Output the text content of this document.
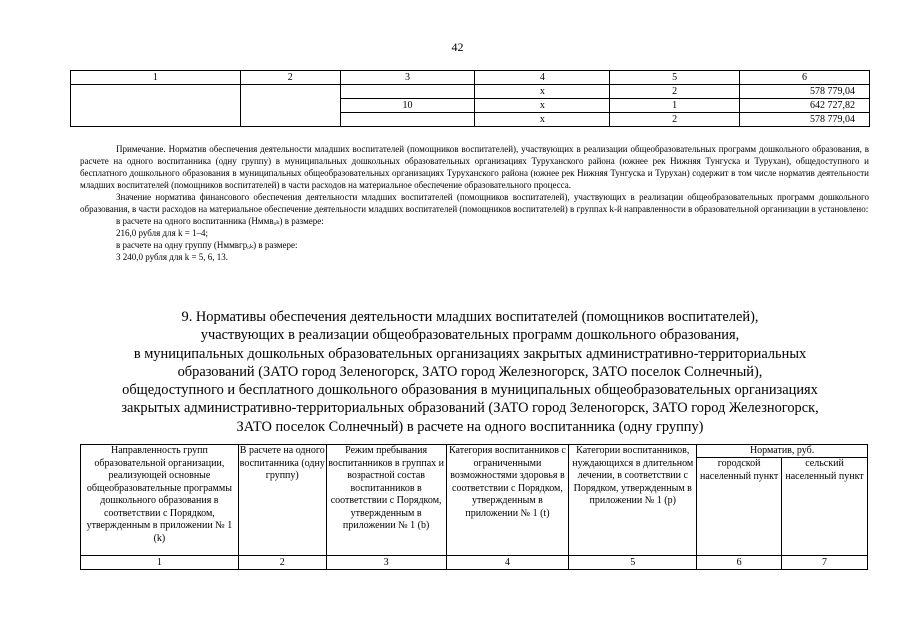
42
1	2	3	4	5	6
			x	2	578 779,04
		10	x	1	642 727,82
			x	2	578 779,04

Примечание. Норматив обеспечения деятельности младших воспитателей (помощников воспитателей), участвующих в реализации общеобразовательных программ дошкольного образования, в расчете на одного воспитанника (одну группу) в муниципальных дошкольных образовательных организациях Туруханского района (южнее рек Нижняя Тунгуска и Турухан), общедоступного и бесплатного дошкольного образования в муниципальных общеобразовательных организациях Туруханского района (южнее рек Нижняя Тунгуска и Турухан) содержит в том числе норматив деятельности младших воспитателей (помощников воспитателей) в части расходов на материальное обеспечение образовательного процесса.

Значение норматива финансового обеспечения деятельности младших воспитателей (помощников воспитателей), участвующих в реализации общеобразовательных программ дошкольного образования, в части расходов на материальное обеспечение деятельности младших воспитателей (помощников воспитателей) в группах k-й направленности в образовательной организации в установлено:

в расчете на одного воспитанника (Нммвₒₖ) в размере:

216,0 рубля для k = 1–4;

в расчете на одну группу (Нммвгрₒₖ) в размере:

3 240,0 рубля для k = 5, 6, 13.

9. Нормативы обеспечения деятельности младших воспитателей (помощников воспитателей),
участвующих в реализации общеобразовательных программ дошкольного образования,
в муниципальных дошкольных образовательных организациях закрытых административно-территориальных
образований (ЗАТО город Зеленогорск, ЗАТО город Железногорск, ЗАТО поселок Солнечный),
общедоступного и бесплатного дошкольного образования в муниципальных общеобразовательных организациях
закрытых административно-территориальных образований (ЗАТО город Зеленогорск, ЗАТО город Железногорск,
ЗАТО поселок Солнечный) в расчете на одного воспитанника (одну группу)
Направленность групп образовательной организации, реализующей основные общеобразовательные программы дошкольного образования в соответствии с Порядком, утвержденным в приложении № 1 (k)	В расчете на одного воспитанника (одну группу)	Режим пребывания воспитанников в группах и возрастной состав воспитанников в соответствии с Порядком, утвержденным в приложении № 1 (b)	Категория воспитанников с ограниченными возможностями здоровья в соответствии с Порядком, утвержденным в приложении № 1 (t)	Категории воспитанников, нуждающихся в длительном лечении, в соответствии с Порядком, утвержденным в приложении № 1 (p)	Норматив, руб.	
					городской населенный пункт	сельский населенный пункт
1	2	3	4	5	6	7
